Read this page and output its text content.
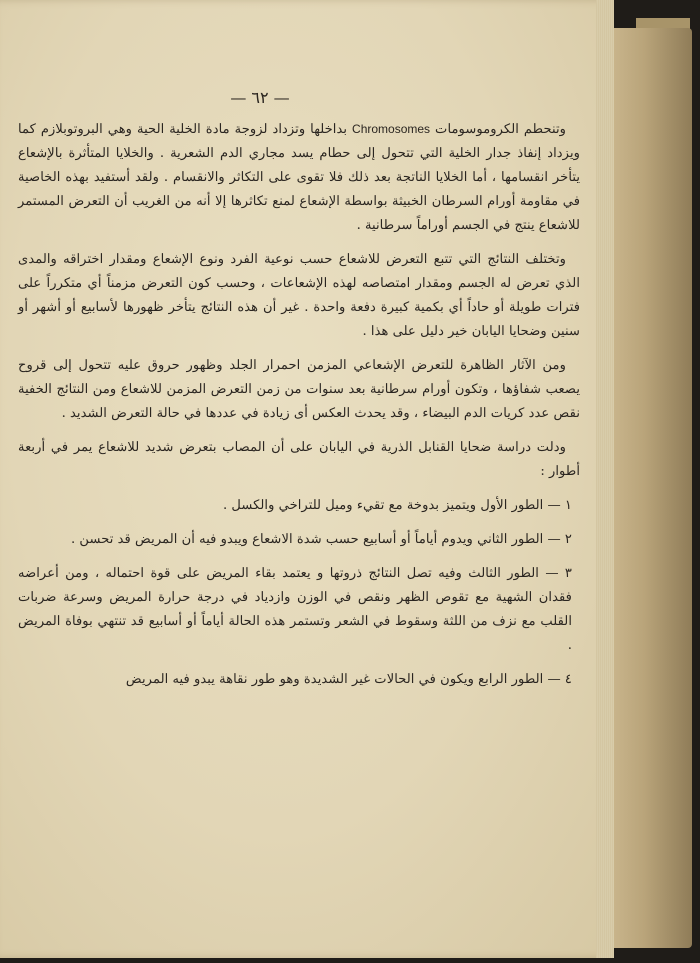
— ٦٢ —

وتنحطم الكروموسومات Chromosomes بداخلها وتزداد لزوجة مادة الخلية الحية وهي البروتوبلازم كما ويزداد إنفاذ جدار الخلية التي تتحول إلى حطام يسد مجاري الدم الشعرية . والخلايا المتأثرة بالإشعاع يتأخر انقسامها ، أما الخلايا الناتجة بعد ذلك فلا تقوى على التكاثر والانقسام . ولقد أستفيد بهذه الخاصية في مقاومة أورام السرطان الخبيثة بواسطة الإشعاع لمنع تكاثرها إلا أنه من الغريب أن التعرض المستمر للاشعاع ينتج في الجسم أوراماً سرطانية .

وتختلف النتائج التي تتبع التعرض للاشعاع حسب نوعية الفرد ونوع الإشعاع ومقدار اختراقه والمدى الذي تعرض له الجسم ومقدار امتصاصه لهذه الإشعاعات ، وحسب كون التعرض مزمناً أي متكرراً على فترات طويلة أو حاداً أي بكمية كبيرة دفعة واحدة . غير أن هذه النتائج يتأخر ظهورها لأسابيع أو أشهر أو سنين وضحايا اليابان خير دليل على هذا .

ومن الآثار الظاهرة للتعرض الإشعاعي المزمن احمرار الجلد وظهور حروق عليه تتحول إلى قروح يصعب شفاؤها ، وتكون أورام سرطانية بعد سنوات من زمن التعرض المزمن للاشعاع ومن النتائج الخفية نقص عدد كريات الدم البيضاء ، وقد يحدث العكس أى زيادة في عددها في حالة التعرض الشديد .

ودلت دراسة ضحايا القنابل الذرية في اليابان على أن المصاب بتعرض شديد للاشعاع يمر في أربعة أطوار :

١ — الطور الأول ويتميز بدوخة مع تقيء وميل للتراخي والكسل .

٢ — الطور الثاني ويدوم أياماً أو أسابيع حسب شدة الاشعاع ويبدو فيه أن المريض قد تحسن .

٣ — الطور الثالث وفيه تصل النتائج ذروتها و يعتمد بقاء المريض على قوة احتماله ، ومن أعراضه فقدان الشهية مع تقوص الظهر ونقص في الوزن وازدياد في درجة حرارة المريض وسرعة ضربات القلب مع نزف من اللثة وسقوط في الشعر وتستمر هذه الحالة أياماً أو أسابيع قد تنتهي بوفاة المريض .

٤ — الطور الرابع ويكون في الحالات غير الشديدة وهو طور نقاهة يبدو فيه المريض
